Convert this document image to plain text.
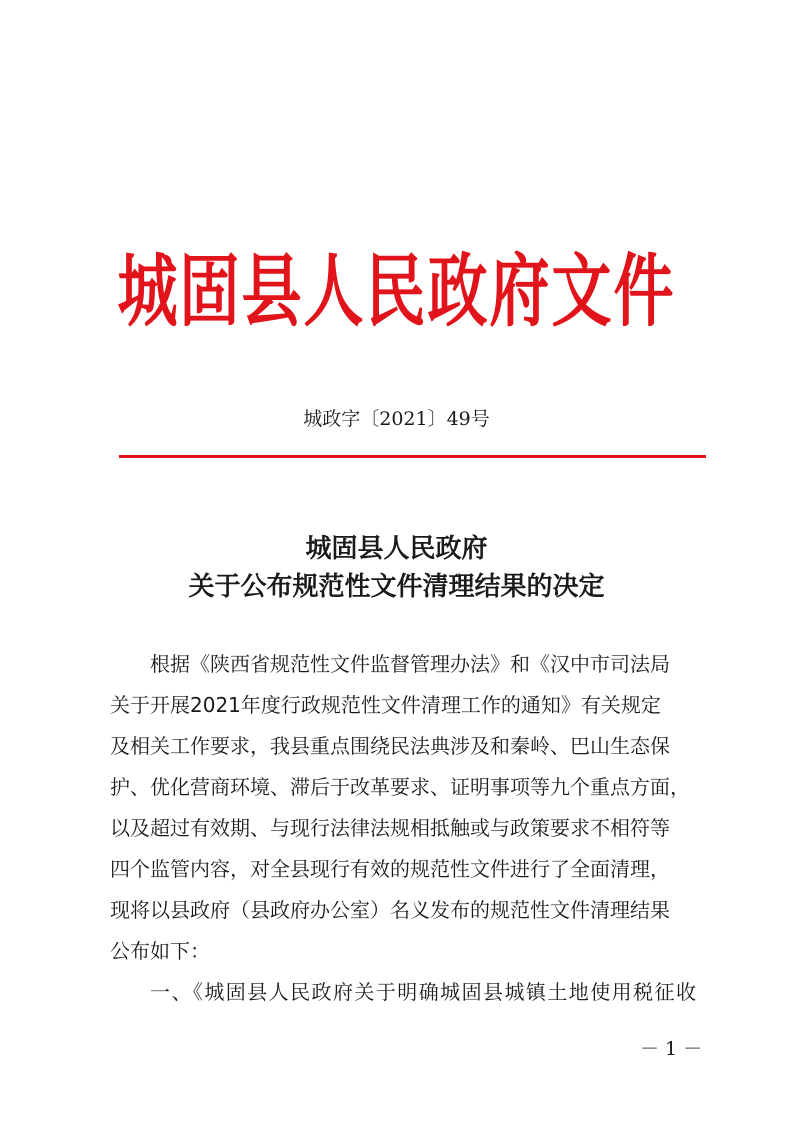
城固县人民政府文件
城政字〔2021〕49号
城固县人民政府
关于公布规范性文件清理结果的决定

根据《陕西省规范性文件监督管理办法》和《汉中市司法局
关于开展2021年度行政规范性文件清理工作的通知》有关规定
及相关工作要求，我县重点围绕民法典涉及和秦岭、巴山生态保
护、优化营商环境、滞后于改革要求、证明事项等九个重点方面，
以及超过有效期、与现行法律法规相抵触或与政策要求不相符等
四个监管内容，对全县现行有效的规范性文件进行了全面清理，
现将以县政府（县政府办公室）名义发布的规范性文件清理结果
公布如下：

一、《城固县人民政府关于明确城固县城镇土地使用税征收

－ 1 －
